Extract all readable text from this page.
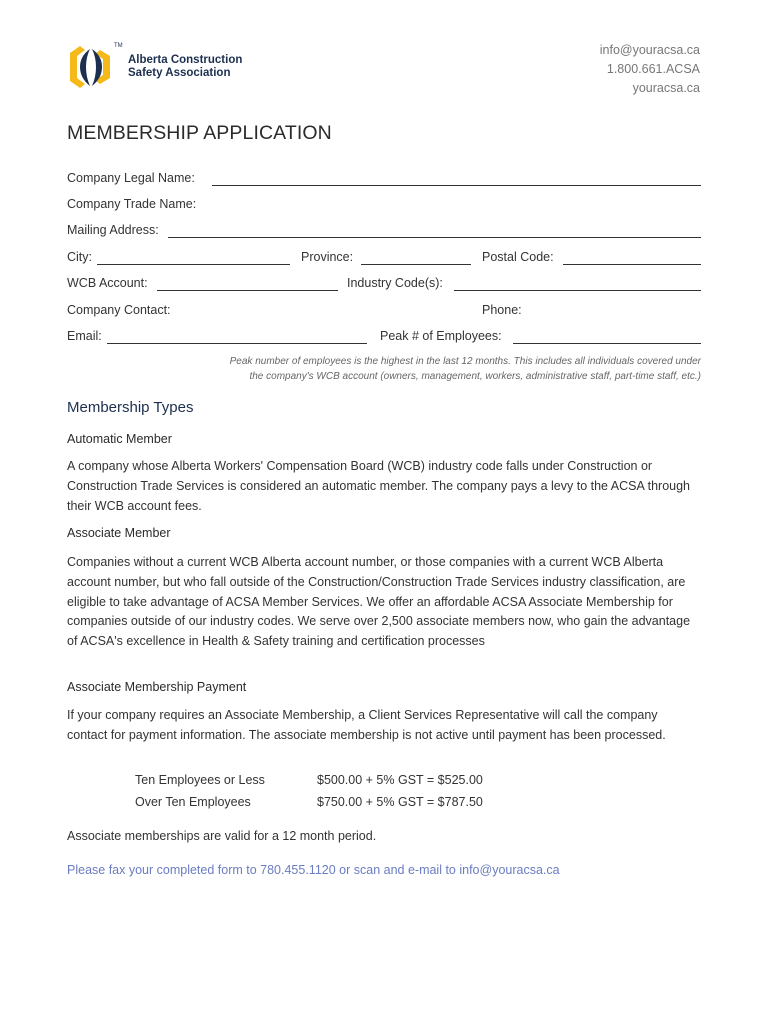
TM
Alberta Construction
Safety Association
info@youracsa.ca
1.800.661.ACSA
youracsa.ca
MEMBERSHIP APPLICATION
Company Legal Name:
Company Trade Name:
Mailing Address:
City:	Province:	Postal Code:
WCB Account:	Industry Code(s):
Company Contact:	Phone:
Email:	Peak # of Employees:
Peak number of employees is the highest in the last 12 months. This includes all individuals covered under
the company's WCB account (owners, management, workers, administrative staff, part-time staff, etc.)
Membership Types
Automatic Member

A company whose Alberta Workers' Compensation Board (WCB) industry code falls under Construction or Construction Trade Services is considered an automatic member. The company pays a levy to the ACSA through their WCB account fees.

Associate Member

Companies without a current WCB Alberta account number, or those companies with a current WCB Alberta account number, but who fall outside of the Construction/Construction Trade Services industry classification, are eligible to take advantage of ACSA Member Services. We offer an affordable ACSA Associate Membership for companies outside of our industry codes. We serve over 2,500 associate members now, who gain the advantage of ACSA's excellence in Health & Safety training and certification processes

Associate Membership Payment

If your company requires an Associate Membership, a Client Services Representative will call the company contact for payment information. The associate membership is not active until payment has been processed.

Ten Employees or Less	$500.00 + 5% GST = $525.00
Over Ten Employees	$750.00 + 5% GST = $787.50

Associate memberships are valid for a 12 month period.

Please fax your completed form to 780.455.1120 or scan and e-mail to info@youracsa.ca
